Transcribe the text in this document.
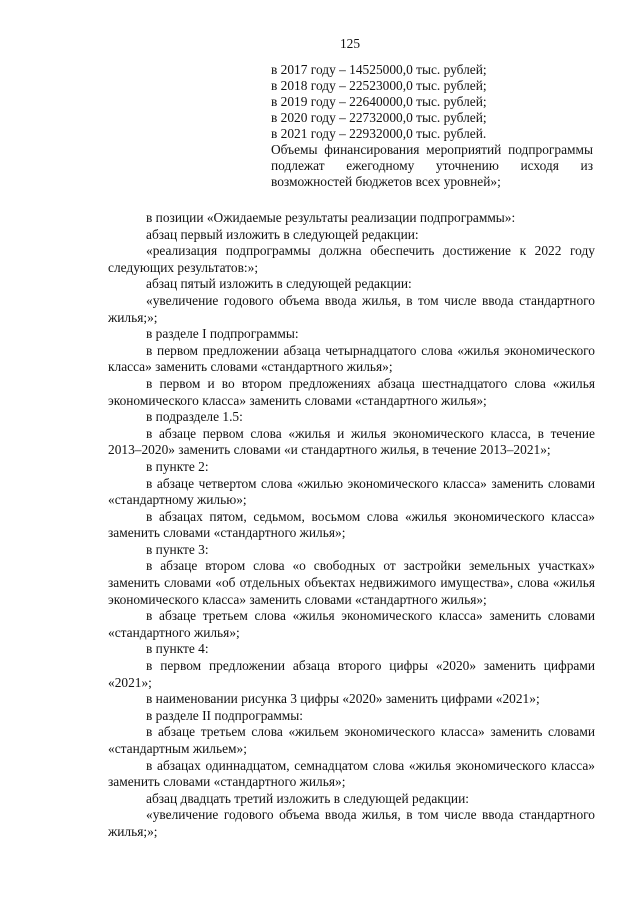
125
в 2017 году – 14525000,0 тыс. рублей;
в 2018 году – 22523000,0 тыс. рублей;
в 2019 году – 22640000,0 тыс. рублей;
в 2020 году – 22732000,0 тыс. рублей;
в 2021 году – 22932000,0 тыс. рублей.

Объемы финансирования мероприятий подпрограммы подлежат ежегодному уточнению исходя из возможностей бюджетов всех уровней»;

в позиции «Ожидаемые результаты реализации подпрограммы»:

абзац первый изложить в следующей редакции:

«реализация подпрограммы должна обеспечить достижение к 2022 году следующих результатов:»;

абзац пятый изложить в следующей редакции:

«увеличение годового объема ввода жилья, в том числе ввода стандартного жилья;»;

в разделе I подпрограммы:

в первом предложении абзаца четырнадцатого слова «жилья экономического класса» заменить словами «стандартного жилья»;

в первом и во втором предложениях абзаца шестнадцатого слова «жилья экономического класса» заменить словами «стандартного жилья»;

в подразделе 1.5:

в абзаце первом слова «жилья и жилья экономического класса, в течение 2013–2020» заменить словами «и стандартного жилья, в течение 2013–2021»;

в пункте 2:

в абзаце четвертом слова «жилью экономического класса» заменить словами «стандартному жилью»;

в абзацах пятом, седьмом, восьмом слова «жилья экономического класса» заменить словами «стандартного жилья»;

в пункте 3:

в абзаце втором слова «о свободных от застройки земельных участках» заменить словами «об отдельных объектах недвижимого имущества», слова «жилья экономического класса» заменить словами «стандартного жилья»;

в абзаце третьем слова «жилья экономического класса» заменить словами «стандартного жилья»;

в пункте 4:

в первом предложении абзаца второго цифры «2020» заменить цифрами «2021»;

в наименовании рисунка 3 цифры «2020» заменить цифрами «2021»;

в разделе II подпрограммы:

в абзаце третьем слова «жильем экономического класса» заменить словами «стандартным жильем»;

в абзацах одиннадцатом, семнадцатом слова «жилья экономического класса» заменить словами «стандартного жилья»;

абзац двадцать третий изложить в следующей редакции:

«увеличение годового объема ввода жилья, в том числе ввода стандартного жилья;»;
